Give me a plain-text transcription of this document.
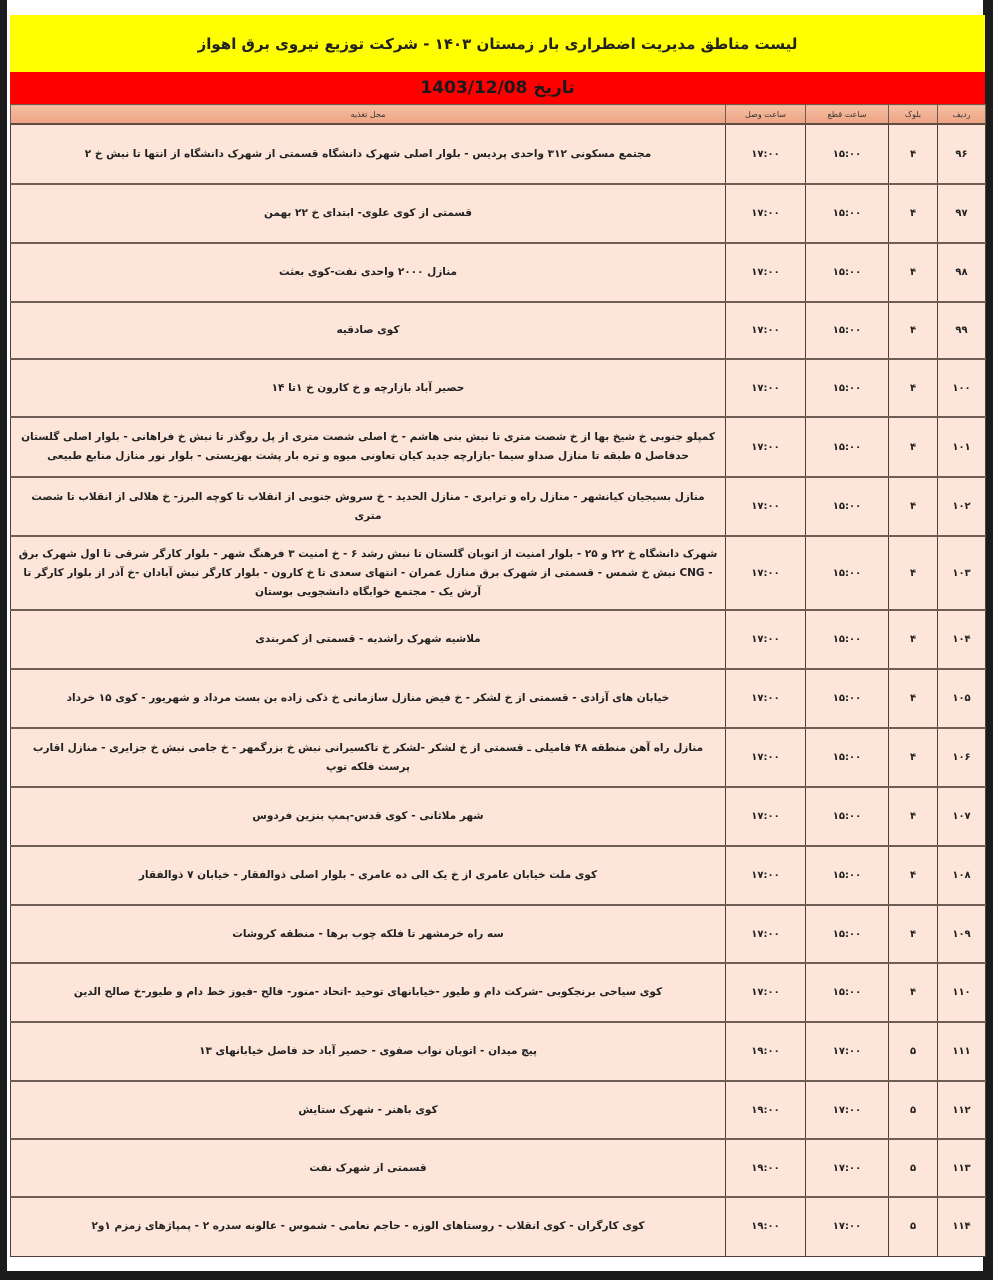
لیست مناطق مدیریت اضطراری بار زمستان ۱۴۰۳ - شرکت توزیع نیروی برق اهواز
تاریخ 1403/12/08
ردیف	بلوک	ساعت قطع	ساعت وصل	محل تغذیه
۹۶	۴	۱۵:۰۰	۱۷:۰۰	مجتمع مسکونی ۳۱۲ واحدی پردیس - بلوار اصلی شهرک دانشگاه قسمتی از شهرک دانشگاه از انتها تا نبش خ ۲
۹۷	۴	۱۵:۰۰	۱۷:۰۰	قسمتی از کوی علوی- ابتدای خ ۲۲ بهمن
۹۸	۴	۱۵:۰۰	۱۷:۰۰	منازل ۲۰۰۰ واحدی نفت-کوی بعثت
۹۹	۴	۱۵:۰۰	۱۷:۰۰	کوی صادقیه
۱۰۰	۴	۱۵:۰۰	۱۷:۰۰	حصیر آباد بازارچه و خ کارون خ ۱تا ۱۴
۱۰۱	۴	۱۵:۰۰	۱۷:۰۰	کمپلو جنوبی خ شیخ بها از خ شصت متری تا نبش بنی هاشم - خ اصلی شصت متری از پل روگذر تا نبش خ فراهانی - بلوار اصلی گلستان حدفاصل ۵ طبقه تا منازل صداو سیما -بازارچه جدید کیان تعاونی میوه و تره بار پشت بهزیستی - بلوار نور منازل منابع طبیعی
۱۰۲	۴	۱۵:۰۰	۱۷:۰۰	منازل بسیجیان کیانشهر - منازل راه و ترابری - منازل الحدید - خ سروش جنوبی از انقلاب تا کوچه البرز- خ هلالی از انقلاب تا شصت متری
۱۰۳	۴	۱۵:۰۰	۱۷:۰۰	شهرک دانشگاه خ ۲۲ و ۲۵ - بلوار امنیت از اتوبان گلستان تا نبش رشد ۶ - خ امنیت ۳ فرهنگ شهر - بلوار کارگر شرقی تا اول شهرک برق - CNG نبش خ شمس - قسمتی از شهرک برق منازل عمران - انتهای سعدی تا خ کارون - بلوار کارگر نبش آبادان -خ آذر از بلوار کارگر تا آرش یک - مجتمع خوابگاه دانشجویی بوستان
۱۰۴	۴	۱۵:۰۰	۱۷:۰۰	ملاشیه شهرک راشدیه - قسمتی از کمربندی
۱۰۵	۴	۱۵:۰۰	۱۷:۰۰	خیابان های آزادی - قسمتی از خ لشکر - خ فیض منازل سازمانی خ ذکی زاده بن بست مرداد و شهریور - کوی ۱۵ خرداد
۱۰۶	۴	۱۵:۰۰	۱۷:۰۰	منازل راه آهن منطقه ۴۸ فامیلی ـ قسمتی از خ لشکر -لشکر خ تاکسیرانی نبش خ بزرگمهر - خ جامی نبش خ جزایری - منازل اقارب پرست فلکه توپ
۱۰۷	۴	۱۵:۰۰	۱۷:۰۰	شهر ملاثانی - کوی قدس-پمپ بنزین فردوس
۱۰۸	۴	۱۵:۰۰	۱۷:۰۰	کوی ملت خیابان عامری از خ یک الی ده عامری - بلوار اصلی ذوالفقار - خیابان ۷ ذوالفقار
۱۰۹	۴	۱۵:۰۰	۱۷:۰۰	سه راه خرمشهر تا فلکه چوب برها - منطقه کروشات
۱۱۰	۴	۱۵:۰۰	۱۷:۰۰	کوی سیاحی برنجکوبی -شرکت دام و طیور -خیابانهای توحید -اتحاد -منور- فالح -فیوز خط دام و طیور-خ صالح الدین
۱۱۱	۵	۱۷:۰۰	۱۹:۰۰	پیچ میدان - اتوبان نواب صفوی - حصیر آباد حد فاصل خیابانهای ۱۳
۱۱۲	۵	۱۷:۰۰	۱۹:۰۰	کوی باهنر - شهرک ستایش
۱۱۳	۵	۱۷:۰۰	۱۹:۰۰	قسمتی از شهرک نفت
۱۱۴	۵	۱۷:۰۰	۱۹:۰۰	کوی کارگران - کوی انقلاب - روستاهای الوزه - حاجم نعامی - شموس - عالونه سدره ۲ - پمپاژهای زمزم ۱و۲
